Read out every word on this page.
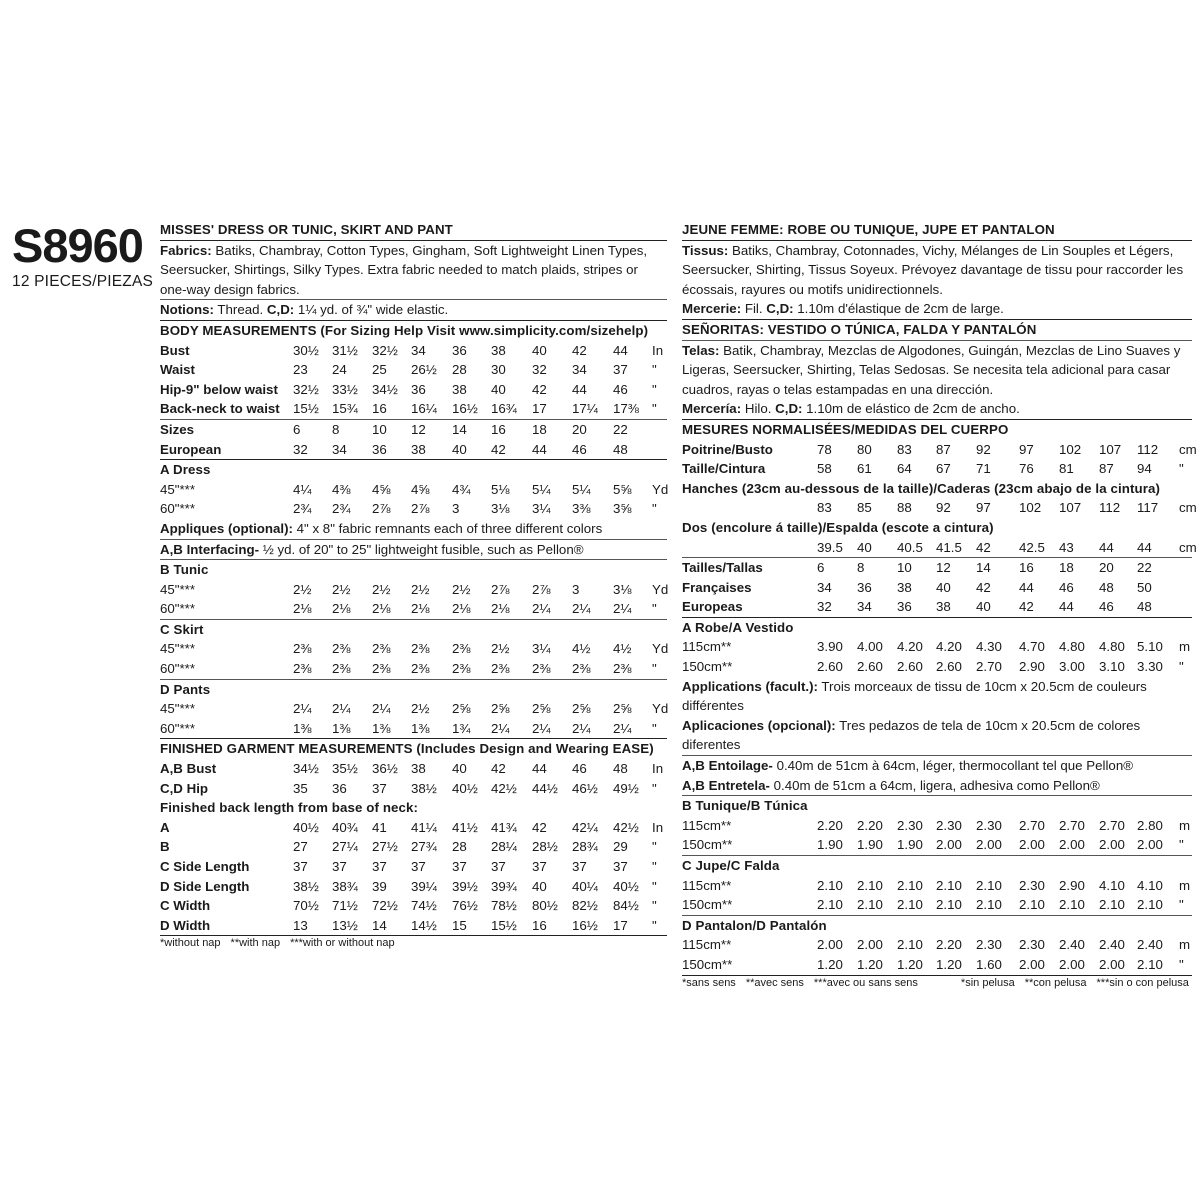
S8960
12 PIECES/PIEZAS
MISSES' DRESS OR TUNIC, SKIRT AND PANT
Fabrics: Batiks, Chambray, Cotton Types, Gingham, Soft Lightweight Linen Types, Seersucker, Shirtings, Silky Types. Extra fabric needed to match plaids, stripes or one-way design fabrics.
Notions: Thread. C,D: 1¼ yd. of ¾" wide elastic.
BODY MEASUREMENTS (For Sizing Help Visit www.simplicity.com/sizehelp)
Bust	30½ 31½ 32½ 34 36 38 40 42 44 In
Waist	23 24 25 26½ 28 30 32 34 37 "
Hip-9" below waist 32½ 33½ 34½ 36 38 40 42 44 46 "
Back-neck to waist 15½ 15¾ 16 16¼ 16½ 16¾ 17 17¼ 17⅜ "
Sizes	6 8 10 12 14 16 18 20 22
European	32 34 36 38 40 42 44 46 48
A Dress
45"***	4¼ 4⅜ 4⅝ 4⅝ 4¾ 5⅛ 5¼ 5¼ 5⅝ Yd
60"***	2¾ 2¾ 2⅞ 2⅞ 3 3⅛ 3¼ 3⅜ 3⅝ "
Appliques (optional): 4" x 8" fabric remnants each of three different colors
A,B Interfacing- ½ yd. of 20" to 25" lightweight fusible, such as Pellon®
B Tunic
45"***	2½ 2½ 2½ 2½ 2½ 2⅞ 2⅞ 3	3⅛ Yd
60"***	2⅛ 2⅛ 2⅛ 2⅛ 2⅛ 2⅛ 2¼ 2¼ 2¼ "
C Skirt
45"***	2⅜ 2⅜ 2⅜ 2⅜ 2⅜ 2½ 3¼ 4½ 4½ Yd
60"***	2⅜ 2⅜ 2⅜ 2⅜ 2⅜ 2⅜ 2⅜ 2⅜ 2⅜ "
D Pants
45"***	2¼ 2¼ 2¼ 2½ 2⅝ 2⅝ 2⅝ 2⅝ 2⅝ Yd
60"***	1⅜ 1⅜ 1⅜ 1⅜ 1¾ 2¼ 2¼ 2¼ 2¼ "
FINISHED GARMENT MEASUREMENTS (Includes Design and Wearing EASE)
A,B Bust	34½ 35½ 36½ 38 40 42 44 46 48 In
C,D Hip	35 36 37 38½ 40½ 42½ 44½ 46½ 49½ "
Finished back length from base of neck:
A	40½ 40¾ 41 41¼ 41½ 41¾ 42 42¼ 42½ In
B	27 27¼ 27½ 27¾ 28 28¼ 28½ 28¾ 29 "
C Side Length	37 37 37 37 37 37 37 37 37 "
D Side Length	38½ 38¾ 39 39¼ 39½ 39¾ 40 40¼ 40½ "
C Width	70½ 71½ 72½ 74½ 76½ 78½ 80½ 82½ 84½ "
D Width	13 13½ 14 14½ 15 15½ 16 16½ 17 "
*without nap **with nap ***with or without nap
JEUNE FEMME: ROBE OU TUNIQUE, JUPE ET PANTALON
Tissus: Batiks, Chambray, Cotonnades, Vichy, Mélanges de Lin Souples et Légers, Seersucker, Shirting, Tissus Soyeux. Prévoyez davantage de tissu pour raccorder les écossais, rayures ou motifs unidirectionnels.
Mercerie: Fil. C,D: 1.10m d'élastique de 2cm de large.
SEÑORITAS: VESTIDO O TÚNICA, FALDA Y PANTALÓN
Telas: Batik, Chambray, Mezclas de Algodones, Guingán, Mezclas de Lino Suaves y Ligeras, Seersucker, Shirting, Telas Sedosas. Se necesita tela adicional para casar cuadros, rayas o telas estampadas en una dirección.
Mercería: Hilo. C,D: 1.10m de elástico de 2cm de ancho.
MESURES NORMALISÉES/MEDIDAS DEL CUERPO
Poitrine/Busto	78 80 83 87 92 97 102 107 112 cm
Taille/Cintura	58 61 64 67 71 76 81 87 94 "
Hanches (23cm au-dessous de la taille)/Caderas (23cm abajo de la cintura)
83 85 88 92 97 102 107 112 117 cm
Dos (encolure á taille)/Espalda (escote a cintura)
39.5 40 40.5 41.5 42 42.5 43 44 44 cm
Tailles/Tallas	6 8 10 12 14 16 18 20 22
Françaises	34 36 38 40 42 44 46 48 50
Europeas	32 34 36 38 40 42 44 46 48
A Robe/A Vestido
115cm**	3.90 4.00 4.20 4.20 4.30 4.70 4.80 4.80 5.10 m
150cm**	2.60 2.60 2.60 2.60 2.70 2.90 3.00 3.10 3.30 "
Applications (facult.): Trois morceaux de tissu de 10cm x 20.5cm de couleurs différentes
Aplicaciones (opcional): Tres pedazos de tela de 10cm x 20.5cm de colores diferentes
A,B Entoilage- 0.40m de 51cm à 64cm, léger, thermocollant tel que Pellon®
A,B Entretela- 0.40m de 51cm a 64cm, ligera, adhesiva como Pellon®
B Tunique/B Túnica
115cm**	2.20 2.20 2.30 2.30 2.30 2.70 2.70 2.70 2.80 m
150cm**	1.90 1.90 1.90 2.00 2.00 2.00 2.00 2.00 2.00 "
C Jupe/C Falda
115cm**	2.10 2.10 2.10 2.10 2.10 2.30 2.90 4.10 4.10 m
150cm**	2.10 2.10 2.10 2.10 2.10 2.10 2.10 2.10 2.10 "
D Pantalon/D Pantalón
115cm**	2.00 2.00 2.10 2.20 2.30 2.30 2.40 2.40 2.40 m
150cm**	1.20 1.20 1.20 1.20 1.60 2.00 2.00 2.00 2.10 "
*sans sens **avec sens ***avec ou sans sens	*sin pelusa **con pelusa ***sin o con pelusa
